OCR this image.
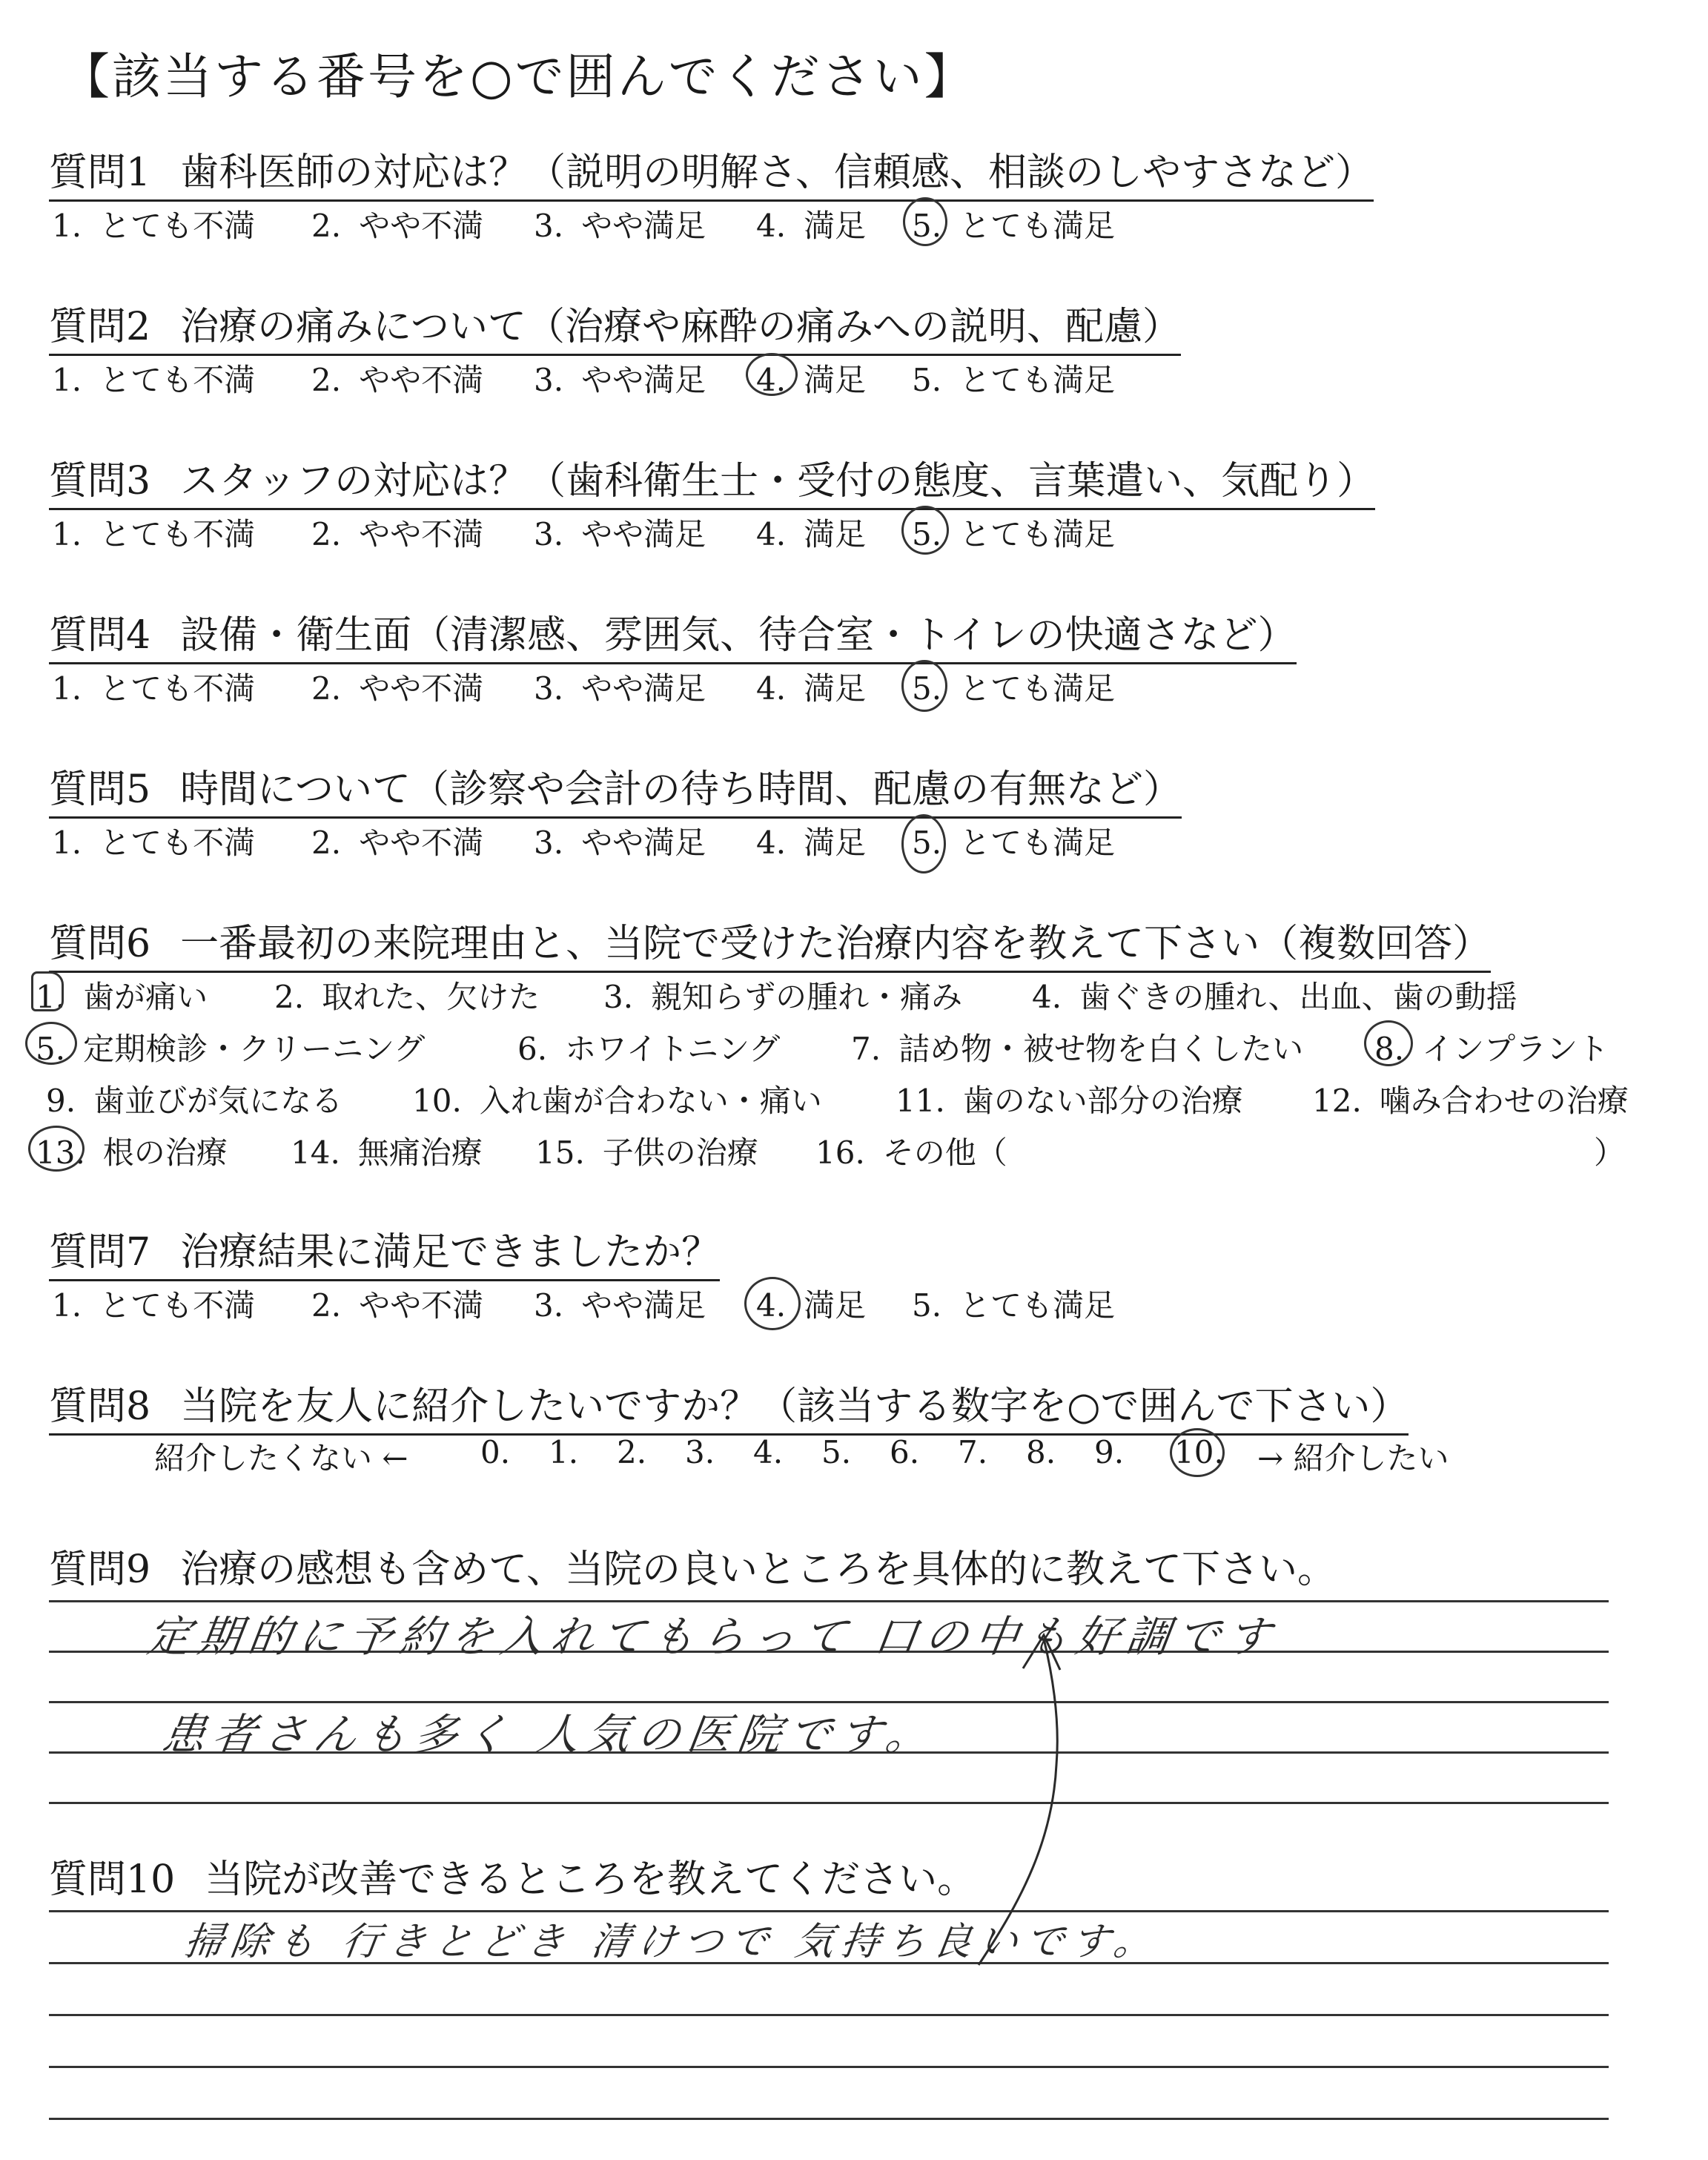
【該当する番号を○で囲んでください】
質問1 歯科医師の対応は？（説明の明解さ、信頼感、相談のしやすさなど）
1. とても不満 2. やや不満 3. やや満足 4. 満足 5. とても満足
質問2 治療の痛みについて（治療や麻酔の痛みへの説明、配慮）
1. とても不満 2. やや不満 3. やや満足 4. 満足 5. とても満足
質問3 スタッフの対応は？（歯科衛生士・受付の態度、言葉遣い、気配り）
1. とても不満 2. やや不満 3. やや満足 4. 満足 5. とても満足
質問4 設備・衛生面（清潔感、雰囲気、待合室・トイレの快適さなど）
1. とても不満 2. やや不満 3. やや満足 4. 満足 5. とても満足
質問5 時間について（診察や会計の待ち時間、配慮の有無など）
1. とても不満 2. やや不満 3. やや満足 4. 満足 5. とても満足
質問6 一番最初の来院理由と、当院で受けた治療内容を教えて下さい（複数回答）
1. 歯が痛い 2. 取れた、欠けた 3. 親知らずの腫れ・痛み 4. 歯ぐきの腫れ、出血、歯の動揺
5. 定期検診・クリーニング	6. ホワイトニング 7. 詰め物・被せ物を白くしたい 8. インプラント
9. 歯並びが気になる 10. 入れ歯が合わない・痛い 11. 歯のない部分の治療 12. 噛み合わせの治療
13. 根の治療 14. 無痛治療 15. 子供の治療 16. その他（	）
質問7 治療結果に満足できましたか？
1. とても不満 2. やや不満 3. やや満足 4. 満足 5. とても満足
質問8 当院を友人に紹介したいですか？（該当する数字を○で囲んで下さい）
紹介したくない ← 0. 1. 2. 3. 4. 5. 6. 7. 8. 9. 10. → 紹介したい
質問9 治療の感想も含めて、当院の良いところを具体的に教えて下さい。
定期的に予約を入れてもらって 口の中も好調です
患者さんも多く 人気の医院です。
質問10 当院が改善できるところを教えてください。
掃除も 行きとどき 清けつで 気持ち良いです。
